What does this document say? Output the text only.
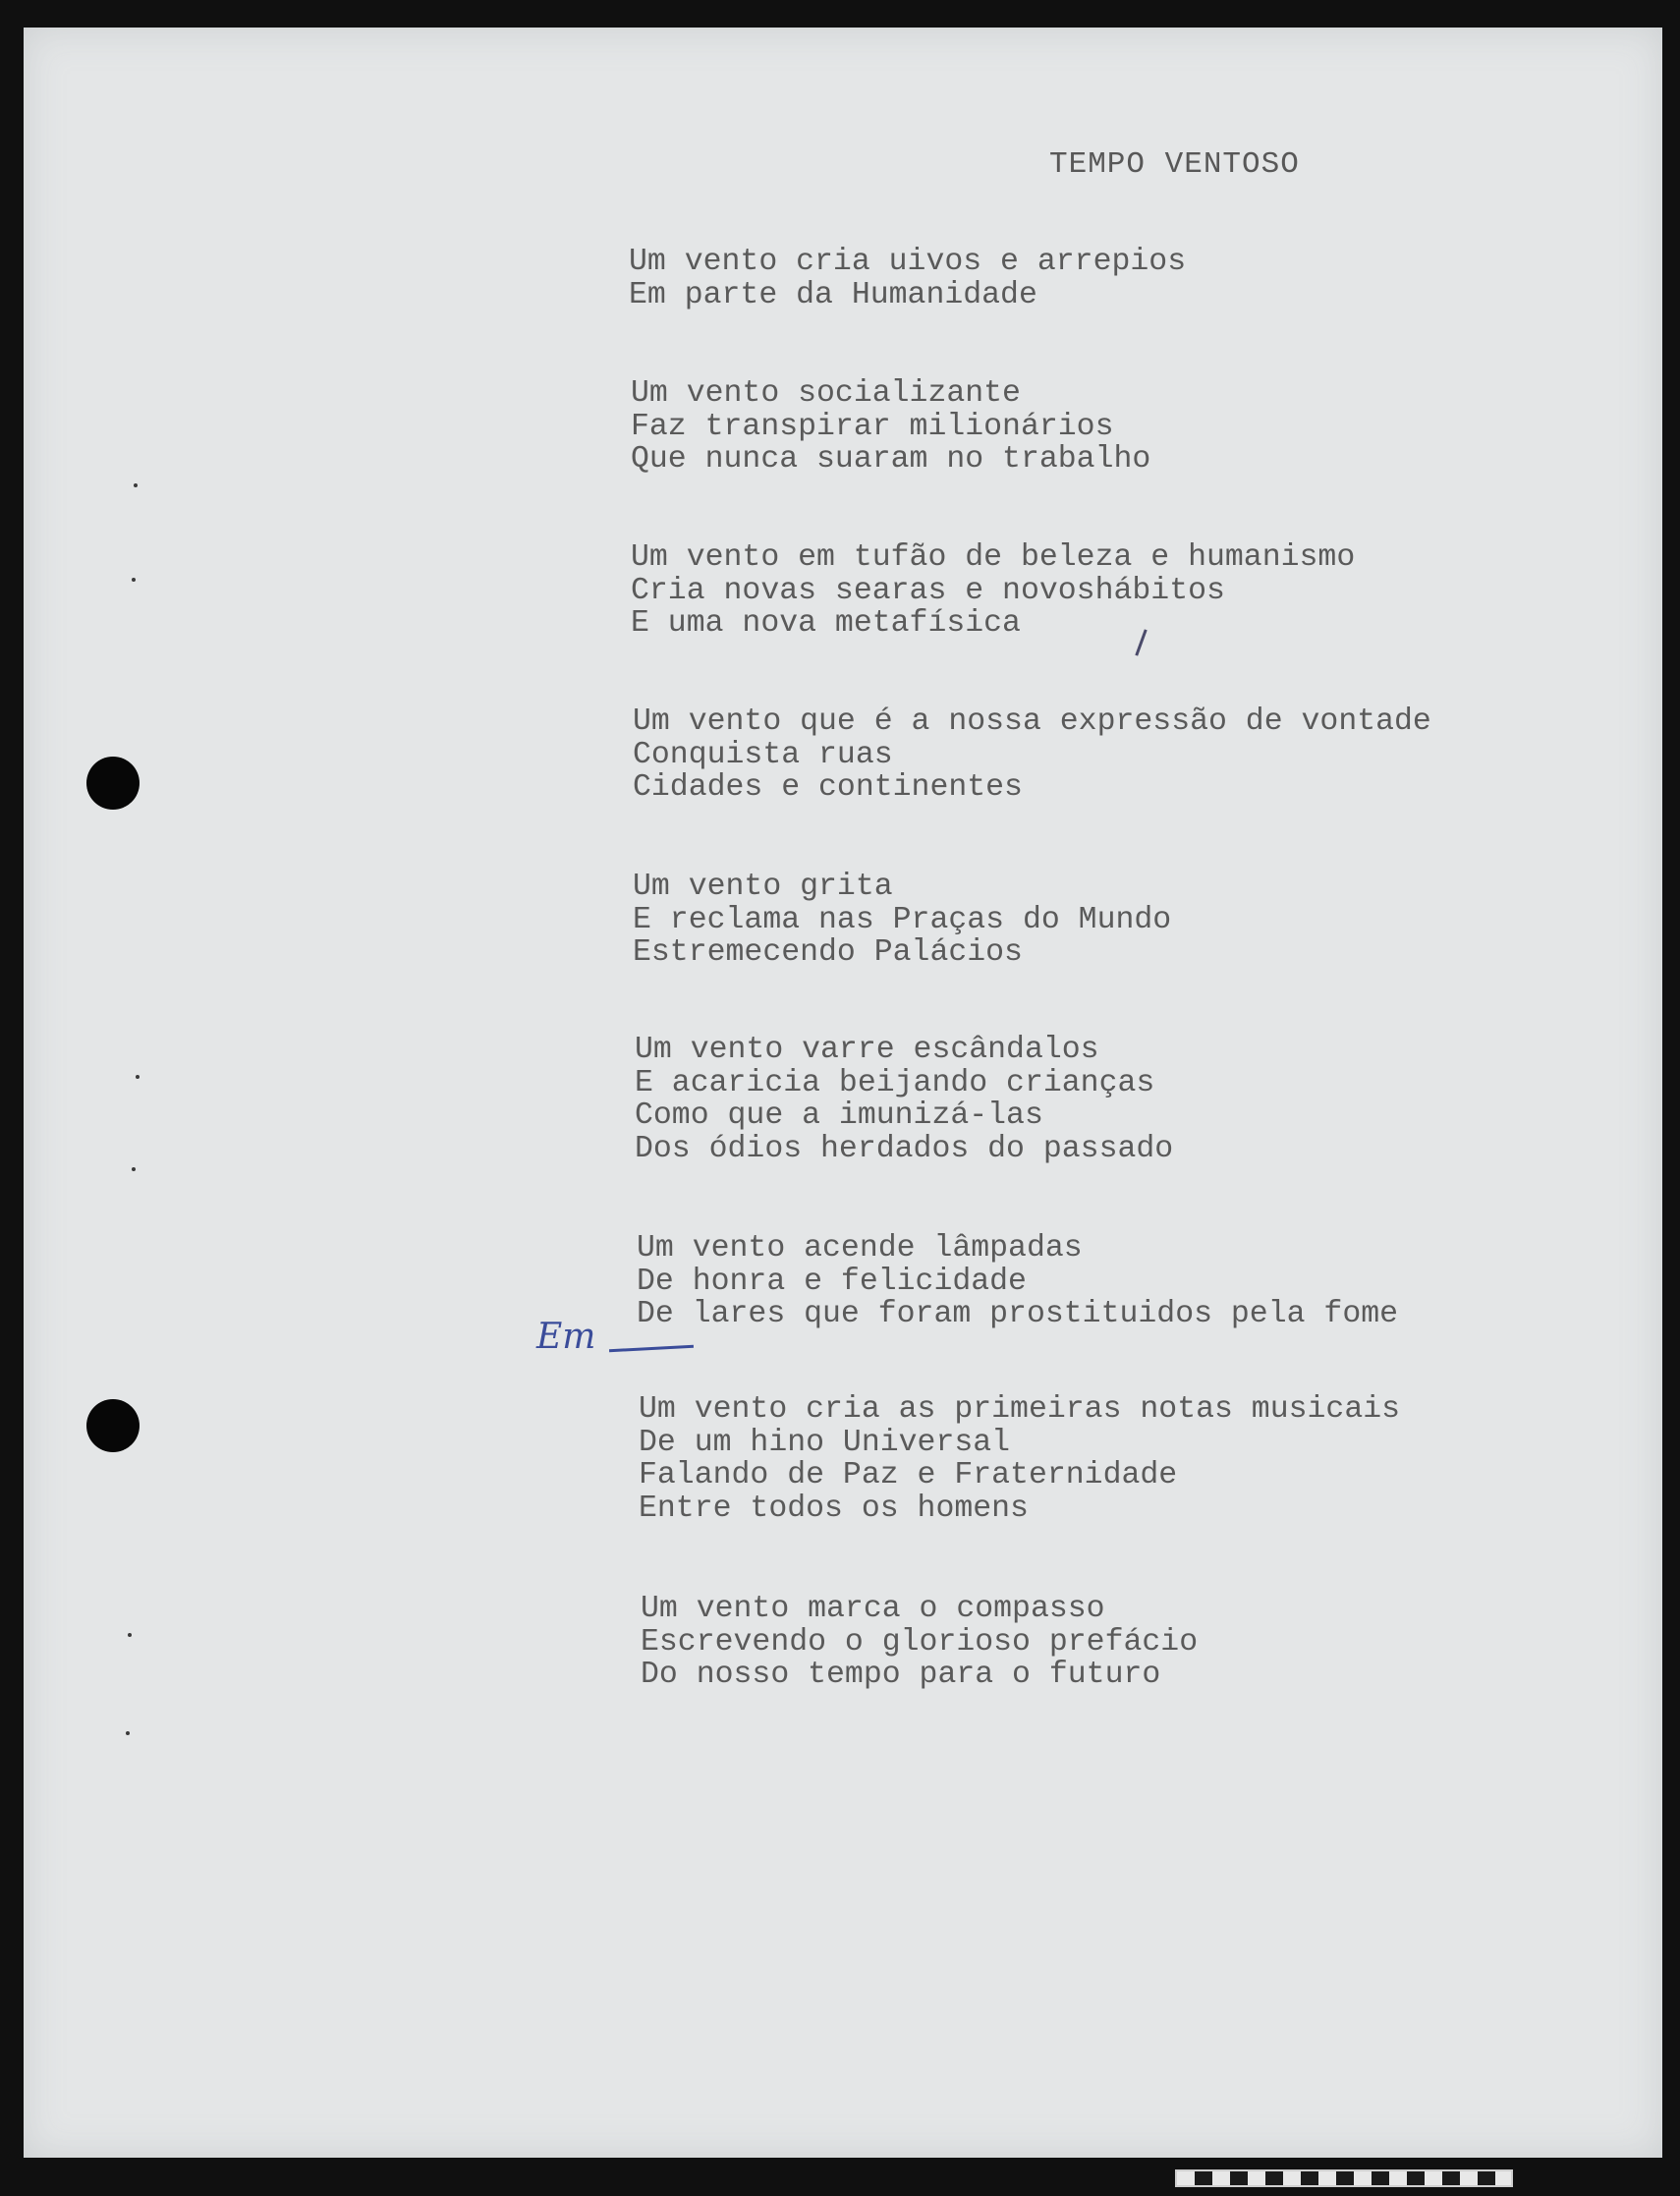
TEMPO VENTOSO
Um vento cria uivos e arrepios
Em parte da Humanidade
Um vento socializante
Faz transpirar milionários
Que nunca suaram no trabalho
Um vento em tufão de beleza e humanismo
Cria novas searas e novoshábitos
E uma nova metafísica
Um vento que é a nossa expressão de vontade
Conquista ruas
Cidades e continentes
Um vento grita
E reclama nas Praças do Mundo
Estremecendo Palácios
Um vento varre escândalos
E acaricia beijando crianças
Como que a imunizá-las
Dos ódios herdados do passado
Um vento acende lâmpadas
De honra e felicidade
De lares que foram prostituidos pela fome
Em
Um vento cria as primeiras notas musicais
De um hino Universal
Falando de Paz e Fraternidade
Entre todos os homens
Um vento marca o compasso
Escrevendo o glorioso prefácio
Do nosso tempo para o futuro
